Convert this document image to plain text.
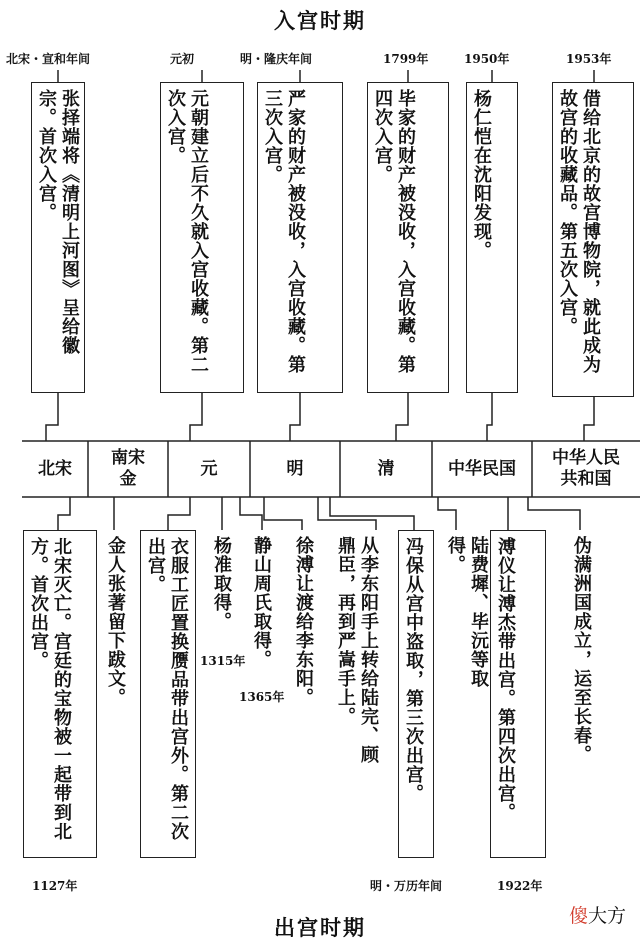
入宫时期
出宫时期
北宋・宣和年间	元初	明・隆庆年间	1799年	1950年	1953年
张择端将《清明上河图》呈给徽宗。首次入宫。	元朝建立后不久就入宫收藏。第二次入宫。	严家的财产被没收，入宫收藏。第三次入宫。	毕家的财产被没收，入宫收藏。第四次入宫。	杨仁恺在沈阳发现。	借给北京的故宫博物院，就此成为故宫的收藏品。第五次入宫。
北宋
南宋
金
元	明	清	中华民国
中华人民
共和国
北宋灭亡。宫廷的宝物被一起带到北方。首次出宫。	金人张著留下跋文。	衣服工匠置换赝品带出宫外。第二次出宫。	杨准取得。 静山周氏取得。 徐溥让渡给李东阳。	从李东阳手上转给陆完、顾鼎臣，再到严嵩手上。	冯保从宫中盗取，第三次出宫。	陆费墀、毕沅等取得。	溥仪让溥杰带出宫。第四次出宫。	伪满洲国成立，运至长春。
1315年
1365年
1127年	明・万历年间	1922年
傻大方
